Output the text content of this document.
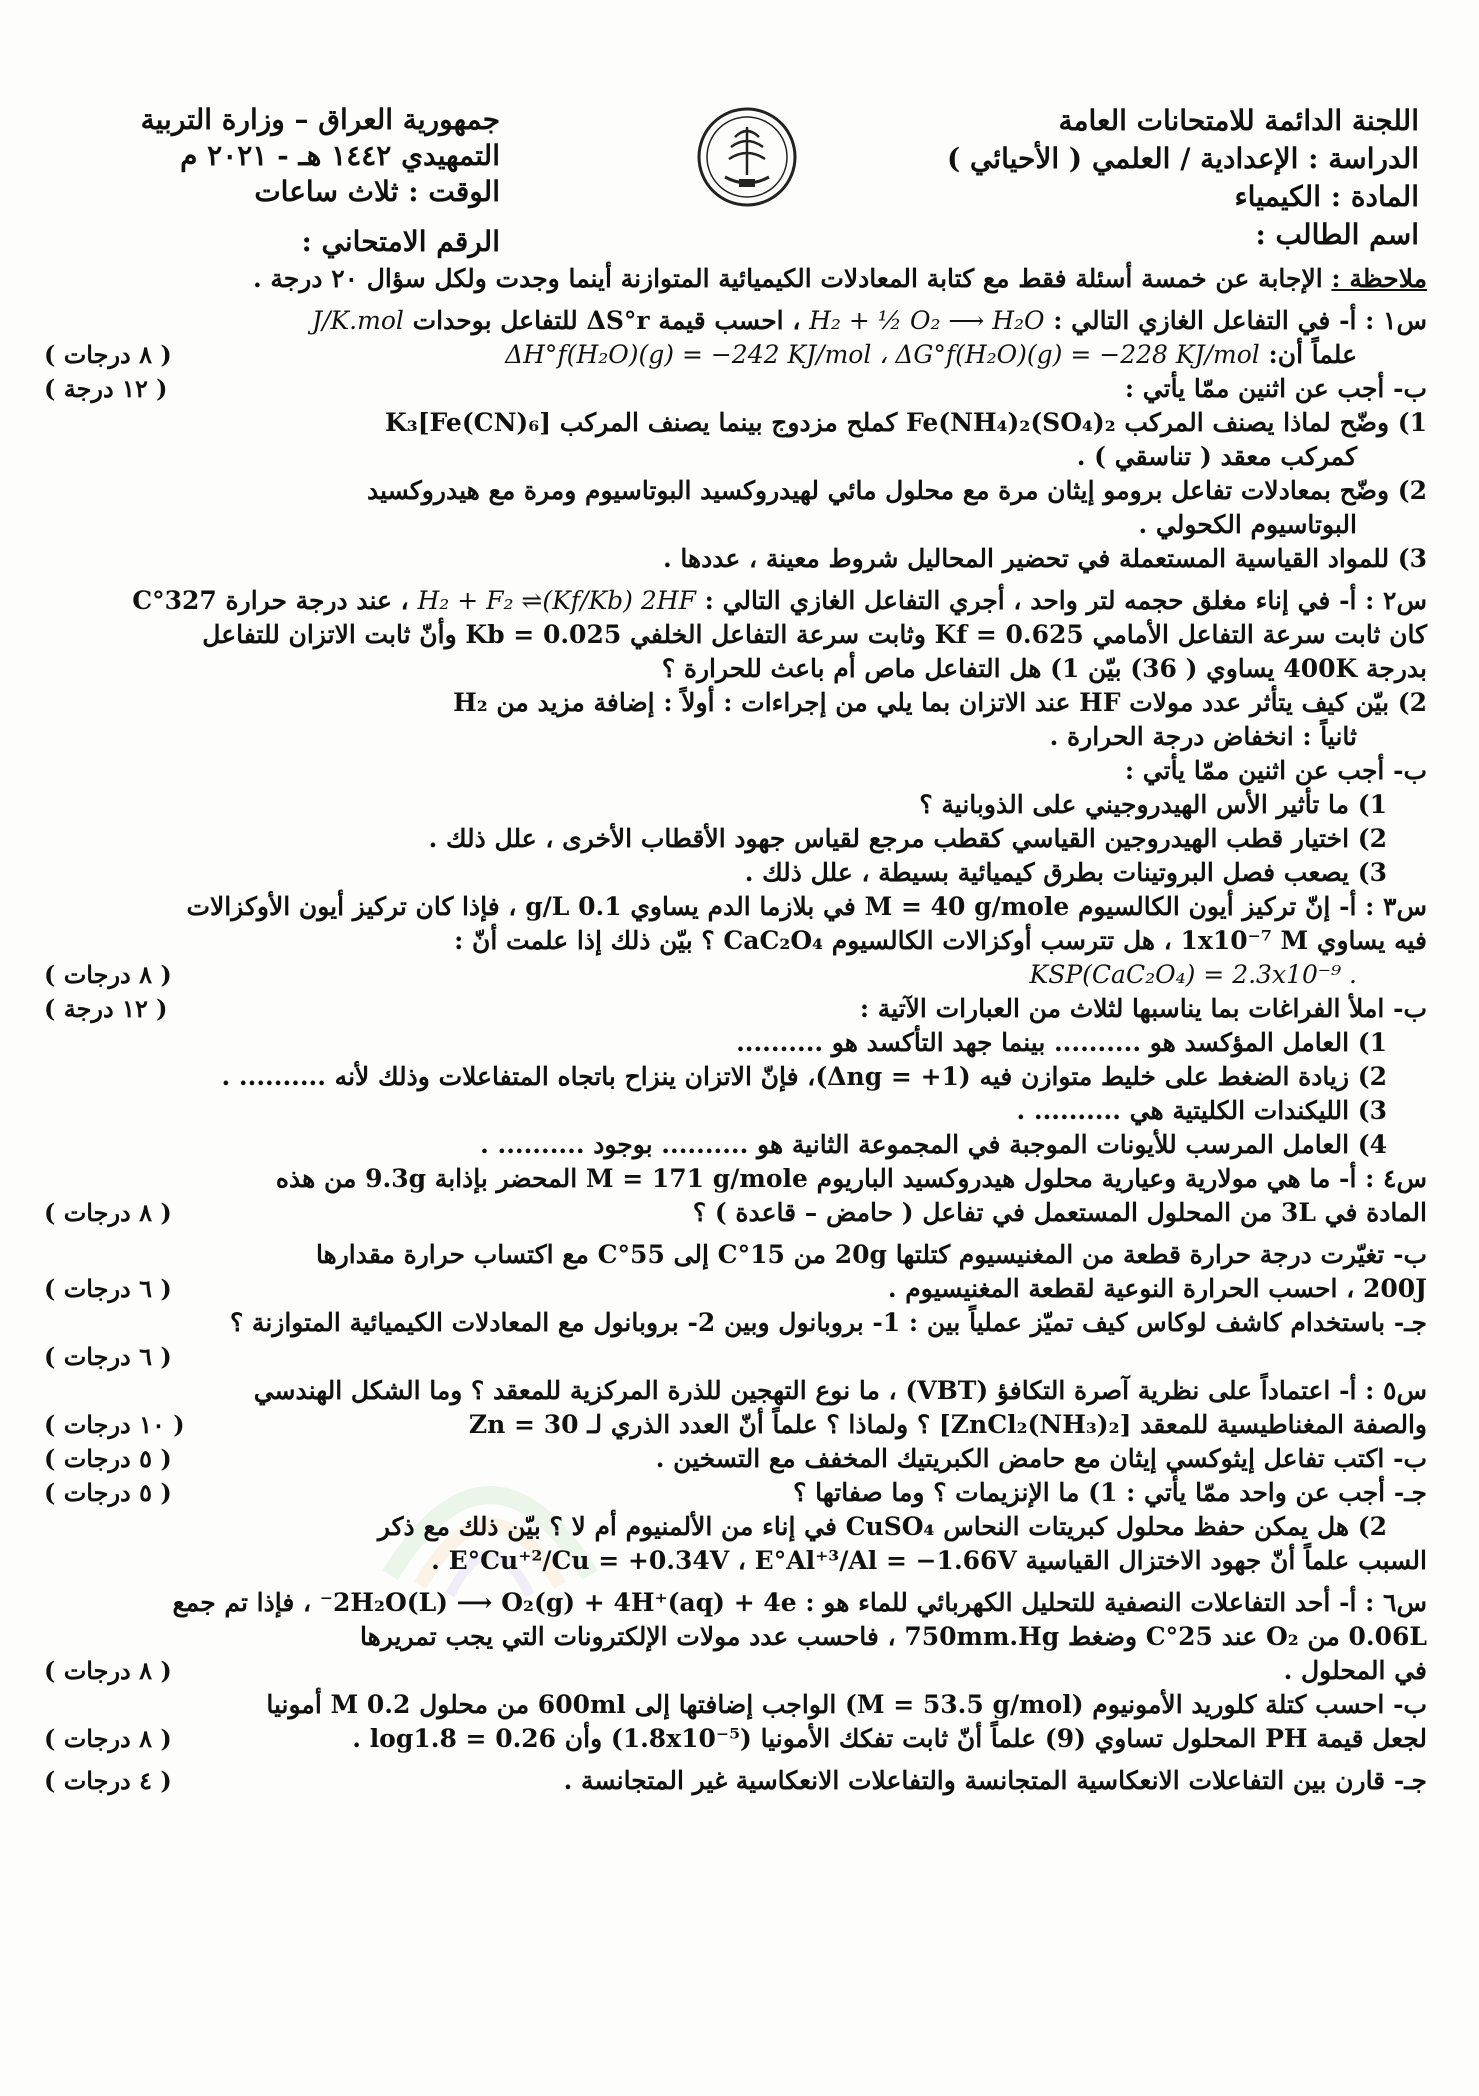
اللجنة الدائمة للامتحانات العامة
الدراسة : الإعدادية / العلمي ( الأحيائي )
المادة : الكيمياء
اسم الطالب :
جمهورية العراق – وزارة التربية
التمهيدي ١٤٤٢ هـ - ٢٠٢١ م
الوقت : ثلاث ساعات
الرقم الامتحاني :
ملاحظة : الإجابة عن خمسة أسئلة فقط مع كتابة المعادلات الكيميائية المتوازنة أينما وجدت ولكل سؤال ٢٠ درجة .
س١ : أ- في التفاعل الغازي التالي : H₂ + ½ O₂ ⟶ H₂O ، احسب قيمة ΔS°r للتفاعل بوحدات J/K.mol
علماً أن: ΔH°f(H₂O)(g) = −242 KJ/mol ، ΔG°f(H₂O)(g) = −228 KJ/mol
( ٨ درجات )
ب- أجب عن اثنين ممّا يأتي :
( ١٢ درجة )
1) وضّح لماذا يصنف المركب Fe(NH₄)₂(SO₄)₂ كملح مزدوج بينما يصنف المركب K₃[Fe(CN)₆]
كمركب معقد ( تناسقي ) .
2) وضّح بمعادلات تفاعل برومو إيثان مرة مع محلول مائي لهيدروكسيد البوتاسيوم ومرة مع هيدروكسيد
البوتاسيوم الكحولي .
3) للمواد القياسية المستعملة في تحضير المحاليل شروط معينة ، عددها .
س٢ : أ- في إناء مغلق حجمه لتر واحد ، أجري التفاعل الغازي التالي : H₂ + F₂ ⇌(Kf/Kb) 2HF ، عند درجة حرارة 327°C
كان ثابت سرعة التفاعل الأمامي Kf = 0.625 وثابت سرعة التفاعل الخلفي Kb = 0.025 وأنّ ثابت الاتزان للتفاعل
بدرجة 400K يساوي ( 36) بيّن 1) هل التفاعل ماص أم باعث للحرارة ؟
2) بيّن كيف يتأثر عدد مولات HF عند الاتزان بما يلي من إجراءات : أولاً : إضافة مزيد من H₂
ثانياً : انخفاض درجة الحرارة .
ب- أجب عن اثنين ممّا يأتي :
1) ما تأثير الأس الهيدروجيني على الذوبانية ؟
2) اختيار قطب الهيدروجين القياسي كقطب مرجع لقياس جهود الأقطاب الأخرى ، علل ذلك .
3) يصعب فصل البروتينات بطرق كيميائية بسيطة ، علل ذلك .
س٣ : أ- إنّ تركيز أيون الكالسيوم M = 40 g/mole في بلازما الدم يساوي 0.1 g/L ، فإذا كان تركيز أيون الأوكزالات
فيه يساوي 1x10⁻⁷ M ، هل تترسب أوكزالات الكالسيوم CaC₂O₄ ؟ بيّن ذلك إذا علمت أنّ :
KSP(CaC₂O₄) = 2.3x10⁻⁹ .
( ٨ درجات )
ب- املأ الفراغات بما يناسبها لثلاث من العبارات الآتية :
( ١٢ درجة )
1) العامل المؤكسد هو .......... بينما جهد التأكسد هو ..........
2) زيادة الضغط على خليط متوازن فيه (Δng = +1)، فإنّ الاتزان ينزاح باتجاه المتفاعلات وذلك لأنه .......... .
3) الليكندات الكليتية هي .......... .
4) العامل المرسب للأيونات الموجبة في المجموعة الثانية هو .......... بوجود .......... .
س٤ : أ- ما هي مولارية وعيارية محلول هيدروكسيد الباريوم M = 171 g/mole المحضر بإذابة 9.3g من هذه
المادة في 3L من المحلول المستعمل في تفاعل ( حامض – قاعدة ) ؟
( ٨ درجات )
ب- تغيّرت درجة حرارة قطعة من المغنيسيوم كتلتها 20g من 15°C إلى 55°C مع اكتساب حرارة مقدارها
200J ، احسب الحرارة النوعية لقطعة المغنيسيوم .
( ٦ درجات )
جـ- باستخدام كاشف لوكاس كيف تميّز عملياً بين : 1- بروبانول وبين 2- بروبانول مع المعادلات الكيميائية المتوازنة ؟
( ٦ درجات )

س٥ : أ- اعتماداً على نظرية آصرة التكافؤ (VBT) ، ما نوع التهجين للذرة المركزية للمعقد ؟ وما الشكل الهندسي
والصفة المغناطيسية للمعقد [ZnCl₂(NH₃)₂] ؟ ولماذا ؟ علماً أنّ العدد الذري لـ Zn = 30
( ١٠ درجات )
ب- اكتب تفاعل إيثوكسي إيثان مع حامض الكبريتيك المخفف مع التسخين .
( ٥ درجات )
جـ- أجب عن واحد ممّا يأتي : 1) ما الإنزيمات ؟ وما صفاتها ؟
( ٥ درجات )
2) هل يمكن حفظ محلول كبريتات النحاس CuSO₄ في إناء من الألمنيوم أم لا ؟ بيّن ذلك مع ذكر
السبب علماً أنّ جهود الاختزال القياسية E°Cu⁺²/Cu = +0.34V ، E°Al⁺³/Al = −1.66V .
س٦ : أ- أحد التفاعلات النصفية للتحليل الكهربائي للماء هو : 2H₂O(L) ⟶ O₂(g) + 4H⁺(aq) + 4e⁻ ، فإذا تم جمع
0.06L من O₂ عند 25°C وضغط 750mm.Hg ، فاحسب عدد مولات الإلكترونات التي يجب تمريرها
في المحلول .
( ٨ درجات )
ب- احسب كتلة كلوريد الأمونيوم (M = 53.5 g/mol) الواجب إضافتها إلى 600ml من محلول 0.2 M أمونيا
لجعل قيمة PH المحلول تساوي (9) علماً أنّ ثابت تفكك الأمونيا (1.8x10⁻⁵) وأن log1.8 = 0.26 .
( ٨ درجات )
جـ- قارن بين التفاعلات الانعكاسية المتجانسة والتفاعلات الانعكاسية غير المتجانسة .
( ٤ درجات )
